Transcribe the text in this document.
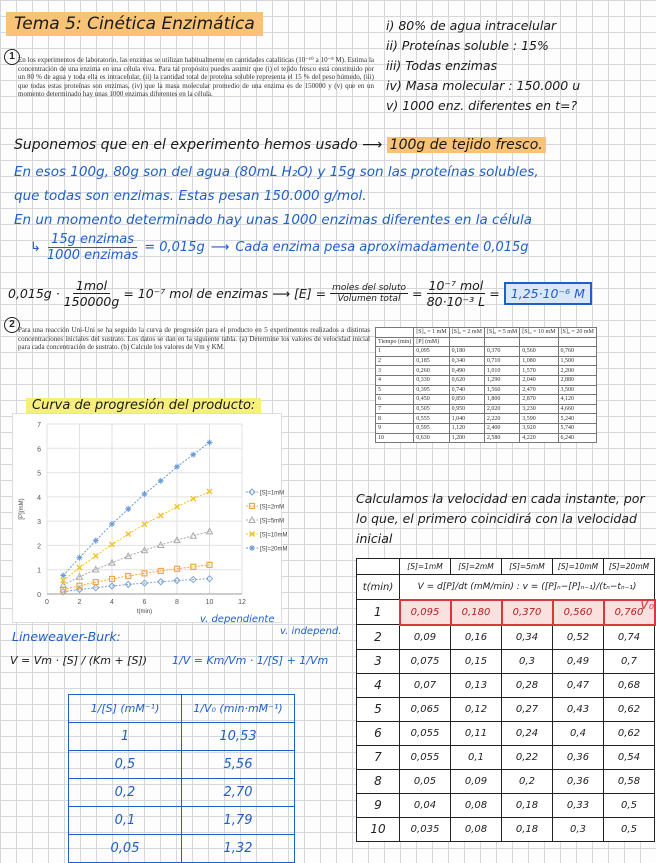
Tema 5: Cinética Enzimática
1 En los experimentos de laboratorio, las enzimas se utilizan habitualmente en cantidades catalíticas (10⁻¹⁰ a 10⁻⁸ M). Estima la concentración de una enzima en una célula viva. Para tal propósito puedes asumir que (i) el tejido fresco está constituido por un 80 % de agua y toda ella es intracelular, (ii) la cantidad total de proteína soluble representa el 15 % del peso húmedo, (iii) que todas estas proteínas son enzimas, (iv) que la masa molecular promedio de una enzima es de 150000 y (v) que en un momento determinado hay unas 1000 enzimas diferentes en la célula.
i) 80% de agua intracelular
ii) Proteínas soluble : 15%
iii) Todas enzimas
iv) Masa molecular : 150.000 u
v) 1000 enz. diferentes en t=?
Suponemos que en el experimento hemos usado ⟶ 100g de tejido fresco.
En esos 100g, 80g son del agua (80mL H₂O) y 15g son las proteínas solubles,
que todas son enzimas. Estas pesan 150.000 g/mol.
En un momento determinado hay unas 1000 enzimas diferentes en la célula
↳
15g enzimas
1000 enzimas
= 0,015g ⟶ Cada enzima pesa aproximadamente 0,015g
0,015g ·
1mol
150000g
= 10⁻⁷ mol de enzimas ⟶ [E] = moles del soluto
Volumen total =
10⁻⁷ mol
80·10⁻³ L
= 1,25·10⁻⁶ M
2 Para una reacción Uni-Uni se ha seguido la curva de progresión para el producto en 5 experimentos realizados a distintas concentraciones iniciales del sustrato. Los datos se dan en la siguiente tabla. (a) Determine los valores de velocidad inicial para cada concentración de sustrato. (b) Calcule los valores de Vm y KM.
	[S]₀ = 1 mM	[S]₀ = 2 mM	[S]₀ = 5 mM	[S]₀ = 10 mM	[S]₀ = 20 mM
Tiempo (min)	[P] (mM)				
1	0,095	0,180	0,370	0,560	0,760
2	0,185	0,340	0,710	1,080	1,500
3	0,260	0,490	1,010	1,570	2,200
4	0,330	0,620	1,290	2,040	2,880
5	0,395	0,740	1,560	2,470	3,500
6	0,450	0,850	1,800	2,870	4,120
7	0,505	0,950	2,020	3,230	4,660
8	0,555	1,040	2,220	3,590	5,240
9	0,595	1,120	2,400	3,920	5,740
10	0,630	1,200	2,580	4,220	6,240
Curva de progresión del producto:
0
1
2
3
4
5
6
7
0	2	4	6	8	10	12
t(min)
[P](mM)
[S]=1mM
[S]=2mM
[S]=5mM
[S]=10mM
[S]=20mM
Calculamos la velocidad en cada instante, por lo que, el primero coincidirá con la velocidad inicial
	[S]=1mM	[S]=2mM	[S]=5mM	[S]=10mM	[S]=20mM
t(min)	V = d[P]/dt (mM/min) : v = ([P]ₙ−[P]ₙ₋₁)/(tₙ−tₙ₋₁)				
1	0,095	0,180	0,370	0,560	0,760
2	0,09	0,16	0,34	0,52	0,74
3	0,075	0,15	0,3	0,49	0,7
4	0,07	0,13	0,28	0,47	0,68
5	0,065	0,12	0,27	0,43	0,62
6	0,055	0,11	0,24	0,4	0,62
7	0,055	0,1	0,22	0,36	0,54
8	0,05	0,09	0,2	0,36	0,58
9	0,04	0,08	0,18	0,33	0,5
10	0,035	0,08	0,18	0,3	0,5
V₀
Lineweaver-Burk:
v. dependiente
v. independ.
V = Vm · [S] / (Km + [S]) 1/V = Km/Vm · 1/[S] + 1/Vm
1/[S] (mM⁻¹)	1/V₀ (min·mM⁻¹)
1	10,53
0,5	5,56
0,2	2,70
0,1	1,79
0,05	1,32
